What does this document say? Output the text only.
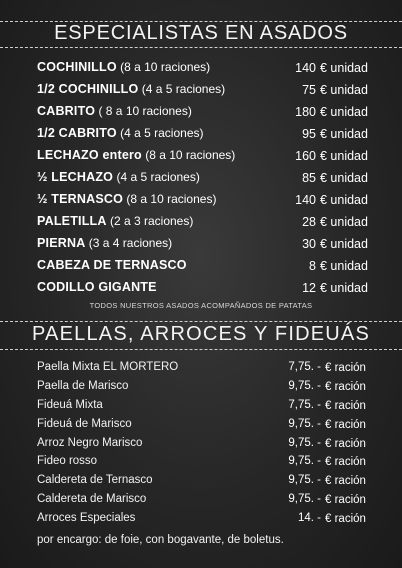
ESPECIALISTAS EN ASADOS
COCHINILLO (8 a 10 raciones)	140 € unidad
1/2 COCHINILLO (4 a 5 raciones)	75 € unidad
CABRITO ( 8 a 10 raciones)	180 € unidad
1/2 CABRITO (4 a 5 raciones)	95 € unidad
LECHAZO entero (8 a 10 raciones)	160 € unidad
½ LECHAZO (4 a 5 raciones)	85 € unidad
½ TERNASCO (8 a 10 raciones)	140 € unidad
PALETILLA (2 a 3 raciones)	28 € unidad
PIERNA (3 a 4 raciones)	30 € unidad
CABEZA DE TERNASCO	8 € unidad
CODILLO GIGANTE	12 € unidad
TODOS NUESTROS ASADOS ACOMPAÑADOS DE PATATAS
PAELLAS, ARROCES Y FIDEUÁS
Paella Mixta EL MORTERO	7,75. - € ración
Paella de Marisco	9,75. - € ración
Fideuá Mixta	7,75. - € ración
Fideuá de Marisco	9,75. - € ración
Arroz Negro Marisco	9,75. - € ración
Fideo rosso	9,75. - € ración
Caldereta de Ternasco	9,75. - € ración
Caldereta de Marisco	9,75. - € ración
Arroces Especiales	14. - € ración
por encargo: de foie, con bogavante, de boletus.
